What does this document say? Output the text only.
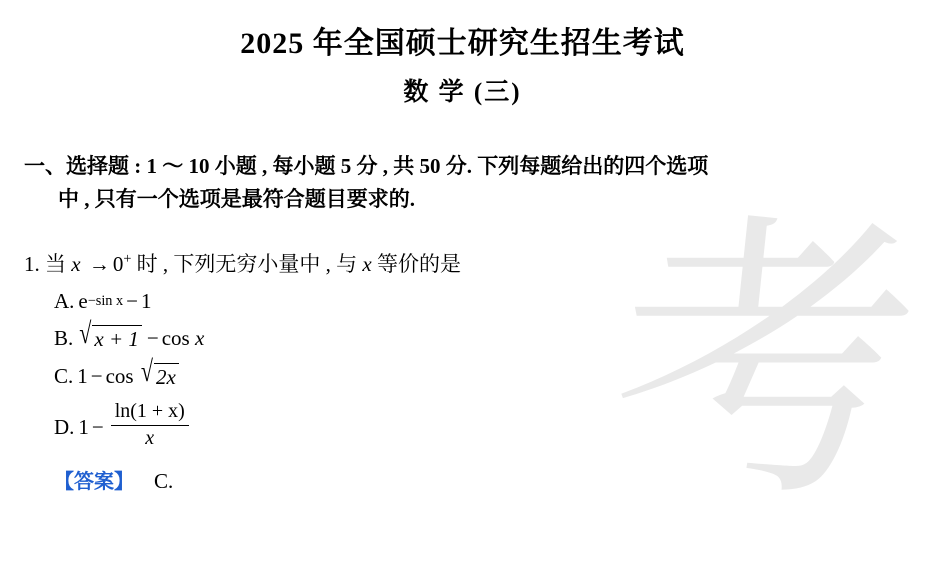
考
2025 年全国硕士研究生招生考试
数 学 (三)
一、选择题 : 1 ～ 10 小题 , 每小题 5 分 , 共 50 分. 下列每题给出的四个选项
中 , 只有一个选项是最符合题目要求的.
1. 当 x → 0+ 时 , 下列无穷小量中 , 与 x 等价的是
A. e −sin x − 1
B. √ x + 1 − cos
x
C. 1 − cos
√ 2x
D. $1 - \frac{\ln(1 + x)}{x}$
【答案】 C.
